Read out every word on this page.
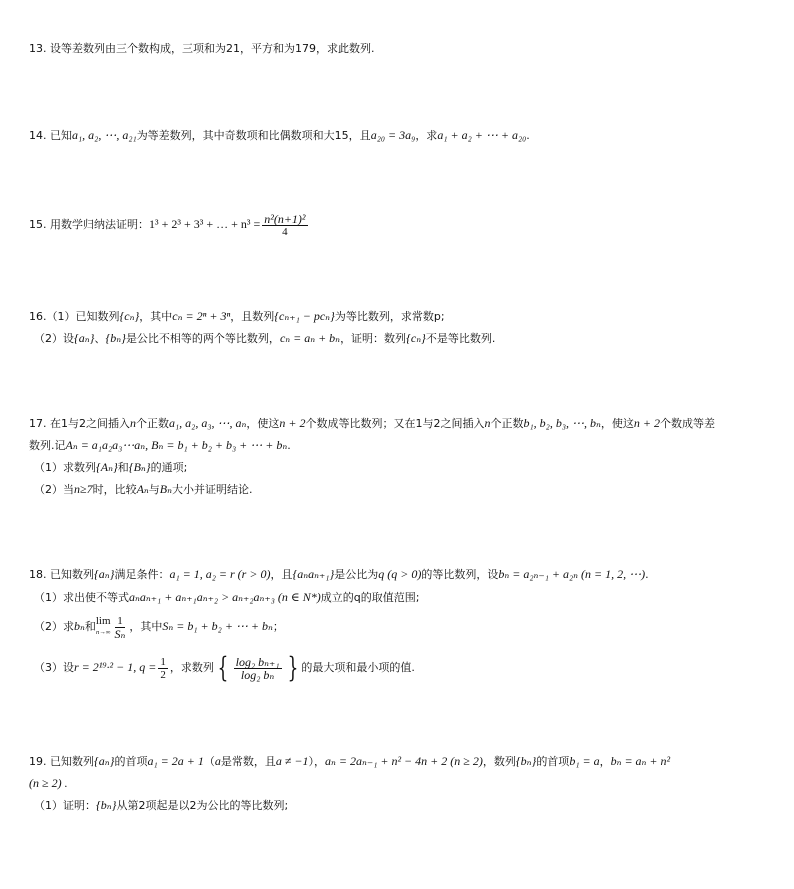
13. 设等差数列由三个数构成，三项和为21，平方和为179，求此数列.
14. 已知a₁, a₂, ⋯, a₂₁为等差数列，其中奇数项和比偶数项和大15，且a₂₀ = 3a₉，求a₁ + a₂ + ⋯ + a₂₀.
15. 用数学归纳法证明：1³ + 2³ + 3³ + … + $n^3 = \frac{\text{n²(n+1)²}}{4}$
16.（1）已知数列{cₙ}，其中cₙ = 2ⁿ + 3ⁿ，且数列{cₙ₊₁ − pcₙ}为等比数列，求常数p;
（2）设{aₙ}、{bₙ}是公比不相等的两个等比数列，cₙ = aₙ + bₙ，证明：数列{cₙ}不是等比数列.
17. 在1与2之间插入n个正数a₁, a₂, a₃, ⋯, aₙ，使这n + 2个数成等比数列；又在1与2之间插入n个正数b₁, b₂, b₃, ⋯, bₙ，使这n + 2个数成等差
数列.记Aₙ = a₁a₂a₃⋯aₙ, Bₙ = b₁ + b₂ + b₃ + ⋯ + bₙ.
（1）求数列{Aₙ}和{Bₙ}的通项;
（2）当n≥7时，比较Aₙ与Bₙ大小并证明结论.
18. 已知数列{aₙ}满足条件：a₁ = 1, a₂ = r (r > 0)，且{aₙaₙ₊₁}是公比为q (q > 0)的等比数列，设bₙ = a₂ₙ₋₁ + a₂ₙ (n = 1, 2, ⋯).
（1）求出使不等式aₙaₙ₊₁ + aₙ₊₁aₙ₊₂ > aₙ₊₂aₙ₊₃ (n ∈ N*)成立的q的取值范围;
（2）求bₙ和 lim
$n\to\infty \frac{1}{\text{Sₙ}}$ ，其中Sₙ = b₁ + b₂ + ⋯ + bₙ；
（3）设r = 2¹⁹·² − 1, $q = \frac{1}{2}$ ，求数列 { $\frac{\text{log₂ bₙ₊₁}}{\text{log₂ bₙ}}$ } 的最大项和最小项的值.
19. 已知数列{aₙ}的首项a₁ = 2a + 1（a是常数，且a ≠ −1），aₙ = 2aₙ₋₁ + n² − 4n + 2 (n ≥ 2)，数列{bₙ}的首项b₁ = a，bₙ = aₙ + n²
(n ≥ 2) .
（1）证明：{bₙ}从第2项起是以2为公比的等比数列;
